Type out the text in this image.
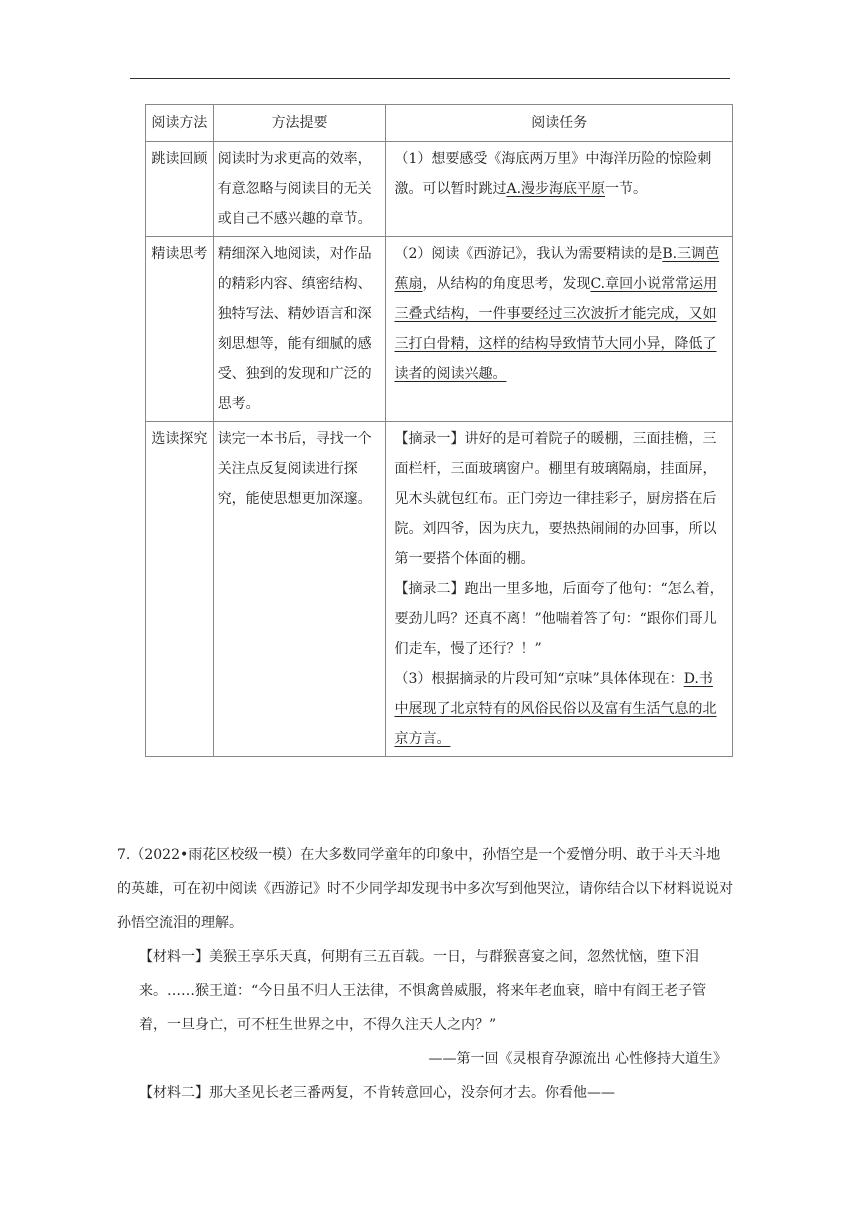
阅读方法	方法提要	阅读任务
跳读回顾	阅读时为求更高的效率，有意忽略与阅读目的无关或自己不感兴趣的章节。	（1）想要感受《海底两万里》中海洋历险的惊险刺激。可以暂时跳过A.漫步海底平原一节。
精读思考	精细深入地阅读，对作品的精彩内容、缜密结构、独特写法、精妙语言和深刻思想等，能有细腻的感受、独到的发现和广泛的思考。	（2）阅读《西游记》，我认为需要精读的是B.三调芭蕉扇，从结构的角度思考，发现C.章回小说常常运用三叠式结构，一件事要经过三次波折才能完成，又如三打白骨精，这样的结构导致情节大同小异，降低了读者的阅读兴趣。
选读探究	读完一本书后，寻找一个关注点反复阅读进行探究，能使思想更加深邃。	【摘录一】讲好的是可着院子的暖棚，三面挂檐，三面栏杆，三面玻璃窗户。棚里有玻璃隔扇，挂面屏，见木头就包红布。正门旁边一律挂彩子，厨房搭在后院。刘四爷，因为庆九，要热热闹闹的办回事，所以第一要搭个体面的棚。
【摘录二】跑出一里多地，后面夸了他句：“怎么着，要劲儿吗？还真不离！”他喘着答了句：“跟你们哥儿们走车，慢了还行？！”
（3）根据摘录的片段可知“京味”具体体现在：D.书中展现了北京特有的风俗民俗以及富有生活气息的北京方言。

7.（2022•雨花区校级一模）在大多数同学童年的印象中，孙悟空是一个爱憎分明、敢于斗天斗地的英雄，可在初中阅读《西游记》时不少同学却发现书中多次写到他哭泣，请你结合以下材料说说对孙悟空流泪的理解。

【材料一】美猴王享乐天真，何期有三五百载。一日，与群猴喜宴之间，忽然忧恼，堕下泪来。……猴王道：“今日虽不归人王法律，不惧禽兽威服，将来年老血衰，暗中有阎王老子管着，一旦身亡，可不枉生世界之中，不得久注天人之内？”

——第一回《灵根育孕源流出 心性修持大道生》

【材料二】那大圣见长老三番两复，不肯转意回心，没奈何才去。你看他——
